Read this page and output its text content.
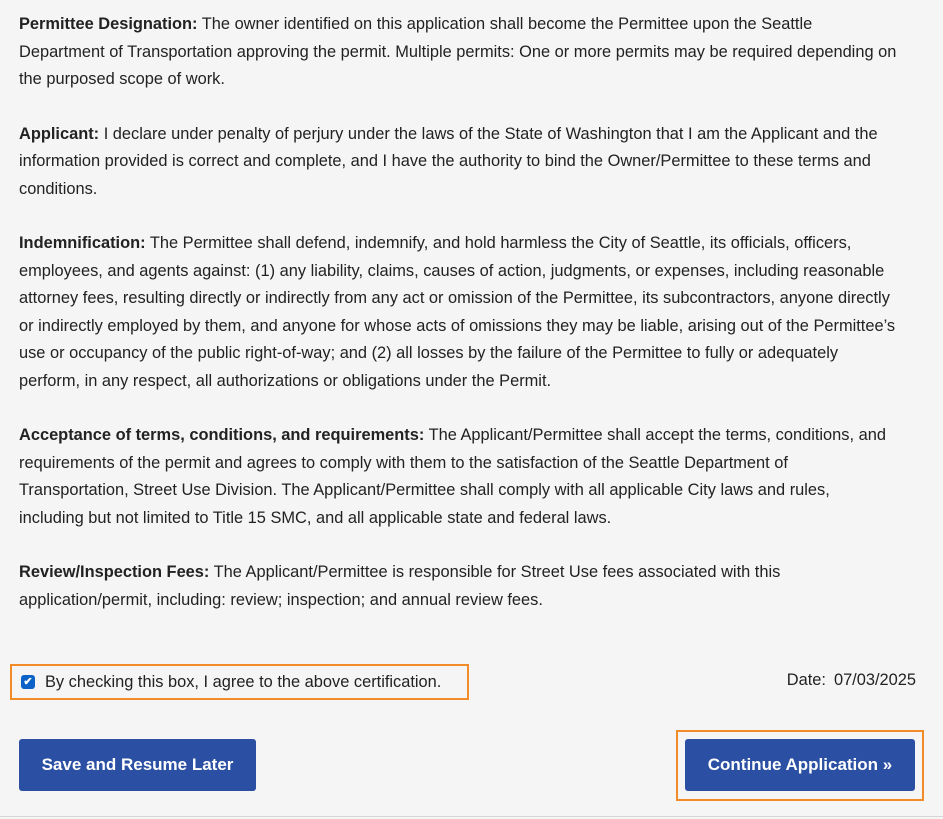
Permittee Designation: The owner identified on this application shall become the Permittee upon the Seattle Department of Transportation approving the permit. Multiple permits: One or more permits may be required depending on the purposed scope of work.

Applicant: I declare under penalty of perjury under the laws of the State of Washington that I am the Applicant and the information provided is correct and complete, and I have the authority to bind the Owner/Permittee to these terms and conditions.

Indemnification: The Permittee shall defend, indemnify, and hold harmless the City of Seattle, its officials, officers, employees, and agents against: (1) any liability, claims, causes of action, judgments, or expenses, including reasonable attorney fees, resulting directly or indirectly from any act or omission of the Permittee, its subcontractors, anyone directly or indirectly employed by them, and anyone for whose acts of omissions they may be liable, arising out of the Permittee’s use or occupancy of the public right-of-way; and (2) all losses by the failure of the Permittee to fully or adequately perform, in any respect, all authorizations or obligations under the Permit.

Acceptance of terms, conditions, and requirements: The Applicant/Permittee shall accept the terms, conditions, and requirements of the permit and agrees to comply with them to the satisfaction of the Seattle Department of Transportation, Street Use Division. The Applicant/Permittee shall comply with all applicable City laws and rules, including but not limited to Title 15 SMC, and all applicable state and federal laws.

Review/Inspection Fees: The Applicant/Permittee is responsible for Street Use fees associated with this application/permit, including: review; inspection; and annual review fees.

✔ By checking this box, I agree to the above certification.	Date: 07/03/2025
Save and Resume Later	Continue Application »
